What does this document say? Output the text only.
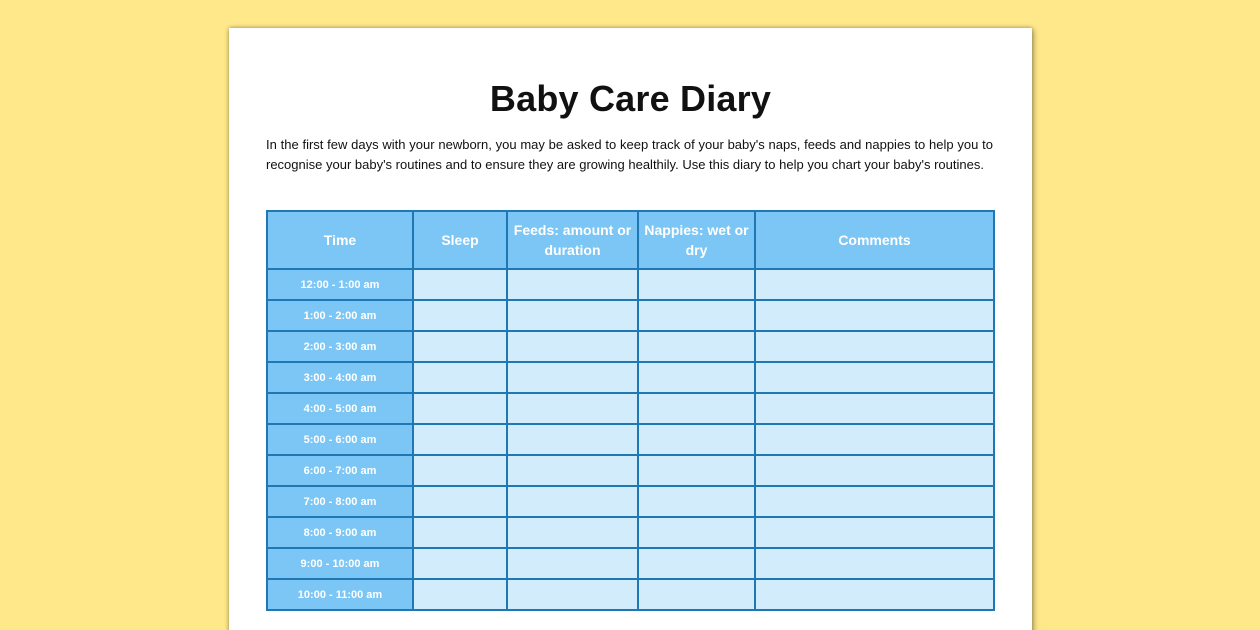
Baby Care Diary

In the first few days with your newborn, you may be asked to keep track of your baby's naps, feeds and nappies to help you to recognise your baby's routines and to ensure they are growing healthily. Use this diary to help you chart your baby's routines.

Time	Sleep	Feeds: amount or duration	Nappies: wet or dry	Comments
12:00 - 1:00 am				
1:00 - 2:00 am				
2:00 - 3:00 am				
3:00 - 4:00 am				
4:00 - 5:00 am				
5:00 - 6:00 am				
6:00 - 7:00 am				
7:00 - 8:00 am				
8:00 - 9:00 am				
9:00 - 10:00 am				
10:00 - 11:00 am				
